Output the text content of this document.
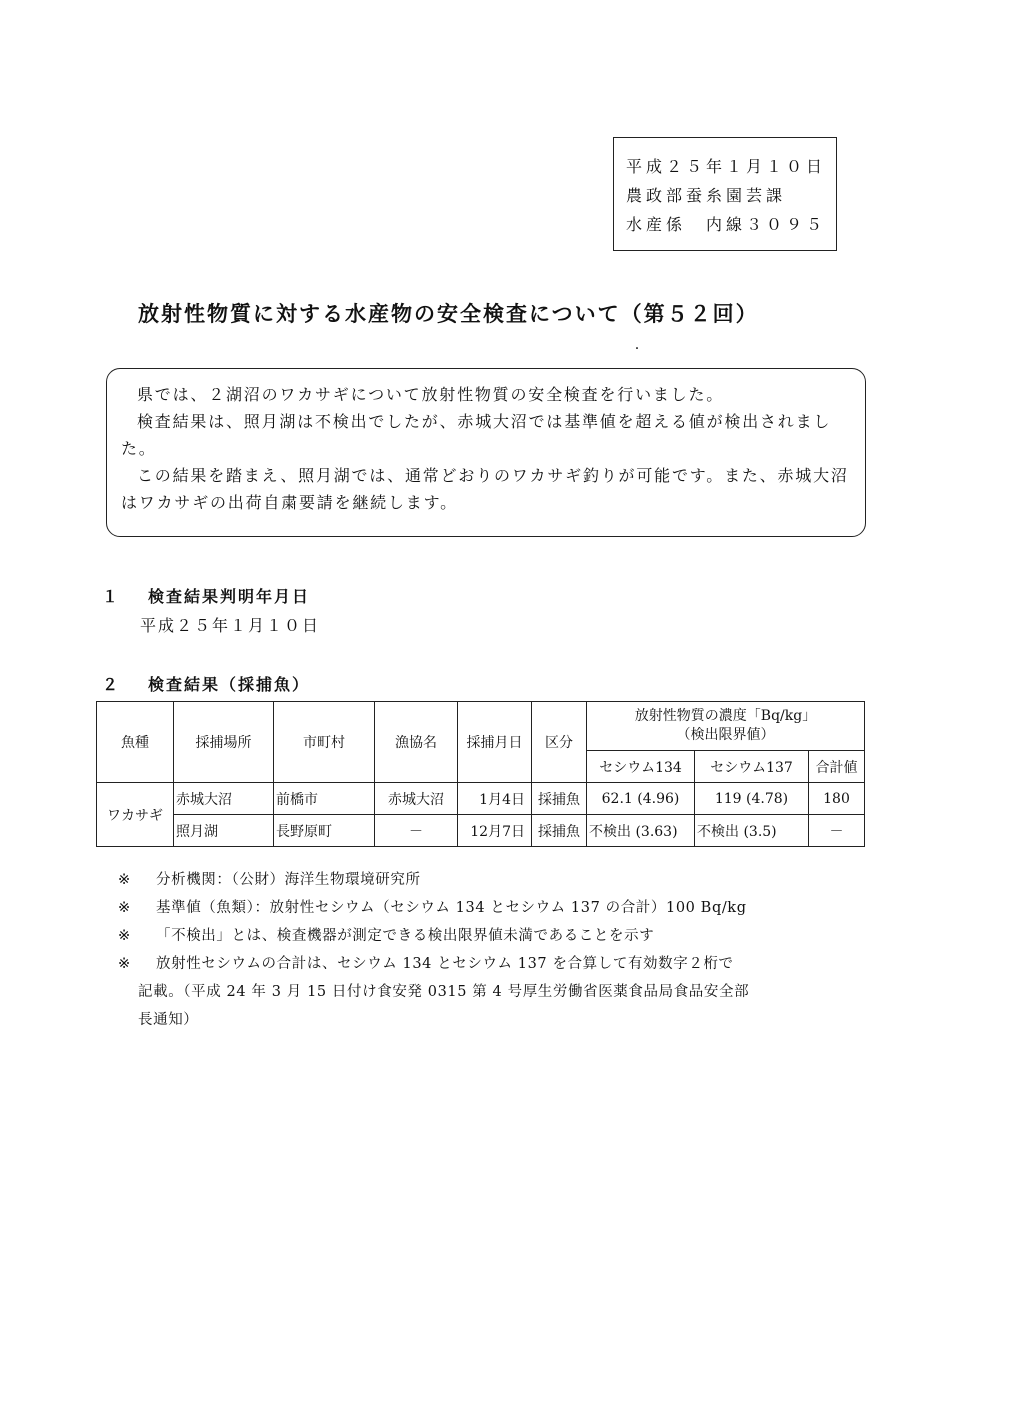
平成２５年１月１０日
農政部蚕糸園芸課
水産係　内線３０９５
放射性物質に対する水産物の安全検査について（第５２回）
・

県では、２湖沼のワカサギについて放射性物質の安全検査を行いました。

検査結果は、照月湖は不検出でしたが、赤城大沼では基準値を超える値が検出されました。

この結果を踏まえ、照月湖では、通常どおりのワカサギ釣りが可能です。また、赤城大沼はワカサギの出荷自粛要請を継続します。

１ 検査結果判明年月日
平成２５年１月１０日
２ 検査結果（採捕魚）
魚種	採捕場所	市町村	漁協名	採捕月日	区分	放射性物質の濃度「Bq/kg」
（検出限界値）		

						セシウム134	セシウム137	合計値
ワカサギ	赤城大沼	前橋市	赤城大沼	1月4日	採捕魚	62.1 (4.96)	119 (4.78)	180
	照月湖	長野原町	－	12月7日	採捕魚	不検出 (3.63)	不検出 (3.5)	－
※ 分析機関：（公財）海洋生物環境研究所
※ 基準値（魚類）：放射性セシウム（セシウム 134 とセシウム 137 の合計）100 Bq/kg
※ 「不検出」とは、検査機器が測定できる検出限界値未満であることを示す
※ 放射性セシウムの合計は、セシウム 134 とセシウム 137 を合算して有効数字２桁で
記載。（平成 24 年 3 月 15 日付け食安発 0315 第 4 号厚生労働省医薬食品局食品安全部
長通知）
